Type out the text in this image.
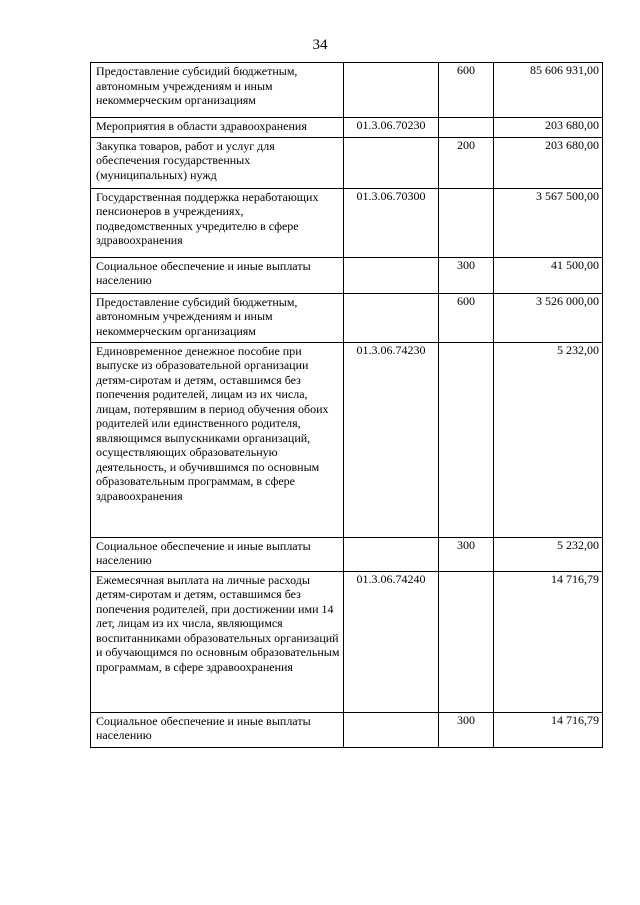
34
Предоставление субсидий бюджетным, автономным учреждениям и иным некоммерческим организациям		600	85 606 931,00

Мероприятия в области здравоохранения	01.3.06.70230		203 680,00

Закупка товаров, работ и услуг для обеспечения государственных (муниципальных) нужд		200	203 680,00

Государственная поддержка неработающих пенсионеров в учреждениях, подведомственных учредителю в сфере здравоохранения	01.3.06.70300		3 567 500,00

Социальное обеспечение и иные выплаты населению		300	41 500,00

Предоставление субсидий бюджетным, автономным учреждениям и иным некоммерческим организациям		600	3 526 000,00

Единовременное денежное пособие при выпуске из образовательной организации детям-сиротам и детям, оставшимся без попечения родителей, лицам из их числа, лицам, потерявшим в период обучения обоих родителей или единственного родителя, являющимся выпускниками организаций, осуществляющих образовательную деятельность, и обучившимся по основным образовательным программам, в сфере здравоохранения	01.3.06.74230		5 232,00

Социальное обеспечение и иные выплаты населению		300	5 232,00

Ежемесячная выплата на личные расходы детям-сиротам и детям, оставшимся без попечения родителей, при достижении ими 14 лет, лицам из их числа, являющимся воспитанниками образовательных организаций и обучающимся по основным образовательным программам, в сфере здравоохранения	01.3.06.74240		14 716,79

Социальное обеспечение и иные выплаты населению		300	14 716,79
